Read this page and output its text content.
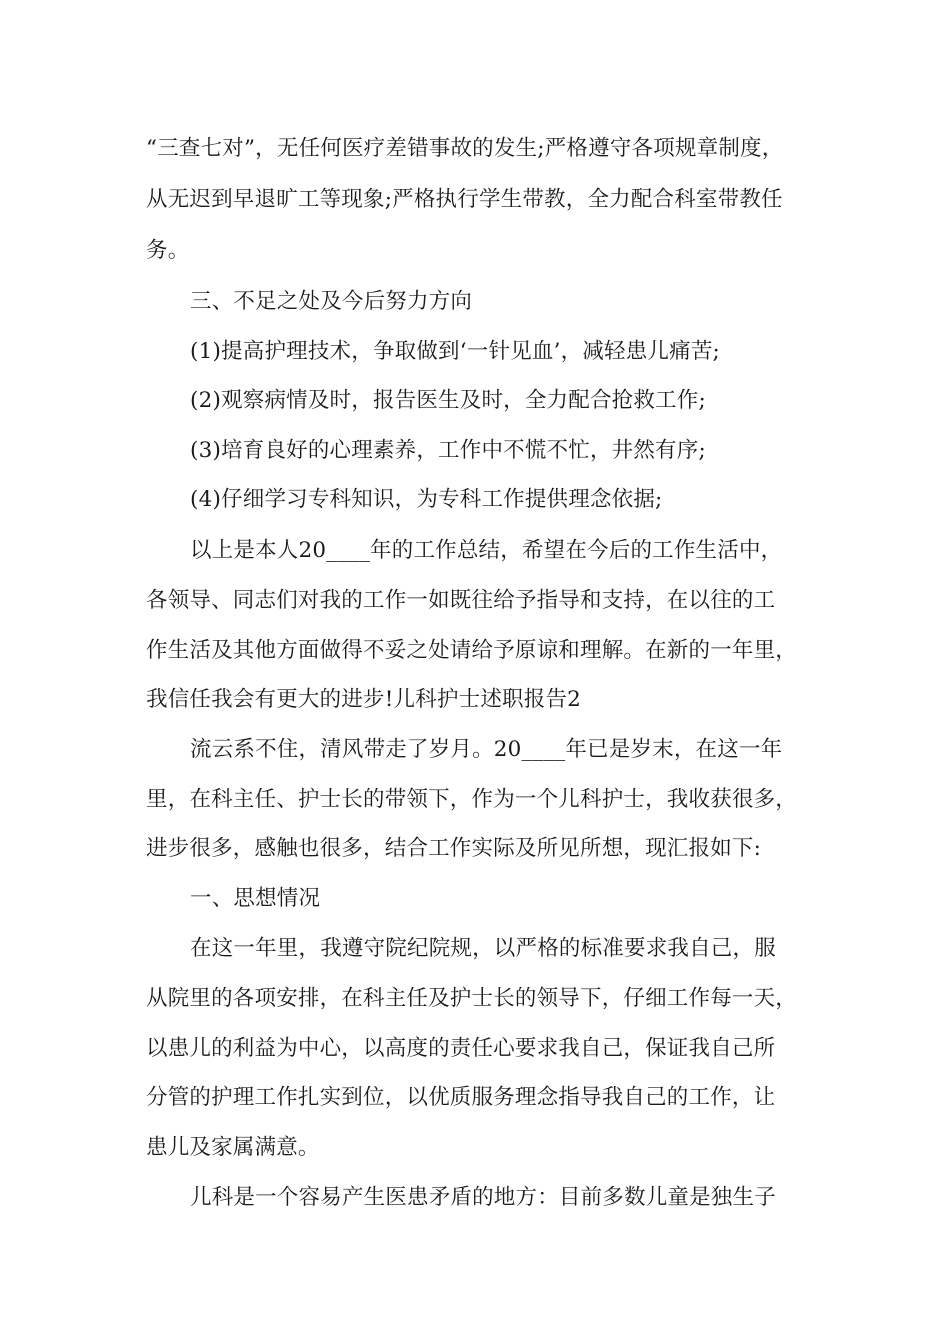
“三查七对”，无任何医疗差错事故的发生;严格遵守各项规章制度，
从无迟到早退旷工等现象;严格执行学生带教，全力配合科室带教任
务。
三、不足之处及今后努力方向
(1)提高护理技术，争取做到‘一针见血’，减轻患儿痛苦;
(2)观察病情及时，报告医生及时，全力配合抢救工作;
(3)培育良好的心理素养，工作中不慌不忙，井然有序;
(4)仔细学习专科知识，为专科工作提供理念依据;
以上是本人20____年的工作总结，希望在今后的工作生活中，
各领导、同志们对我的工作一如既往给予指导和支持，在以往的工
作生活及其他方面做得不妥之处请给予原谅和理解。在新的一年里，
我信任我会有更大的进步!儿科护士述职报告2
流云系不住，清风带走了岁月。20____年已是岁末，在这一年
里，在科主任、护士长的带领下，作为一个儿科护士，我收获很多，
进步很多，感触也很多，结合工作实际及所见所想，现汇报如下:
一、思想情况
在这一年里，我遵守院纪院规，以严格的标准要求我自己，服
从院里的各项安排，在科主任及护士长的领导下，仔细工作每一天，
以患儿的利益为中心，以高度的责任心要求我自己，保证我自己所
分管的护理工作扎实到位，以优质服务理念指导我自己的工作，让
患儿及家属满意。
儿科是一个容易产生医患矛盾的地方：目前多数儿童是独生子
